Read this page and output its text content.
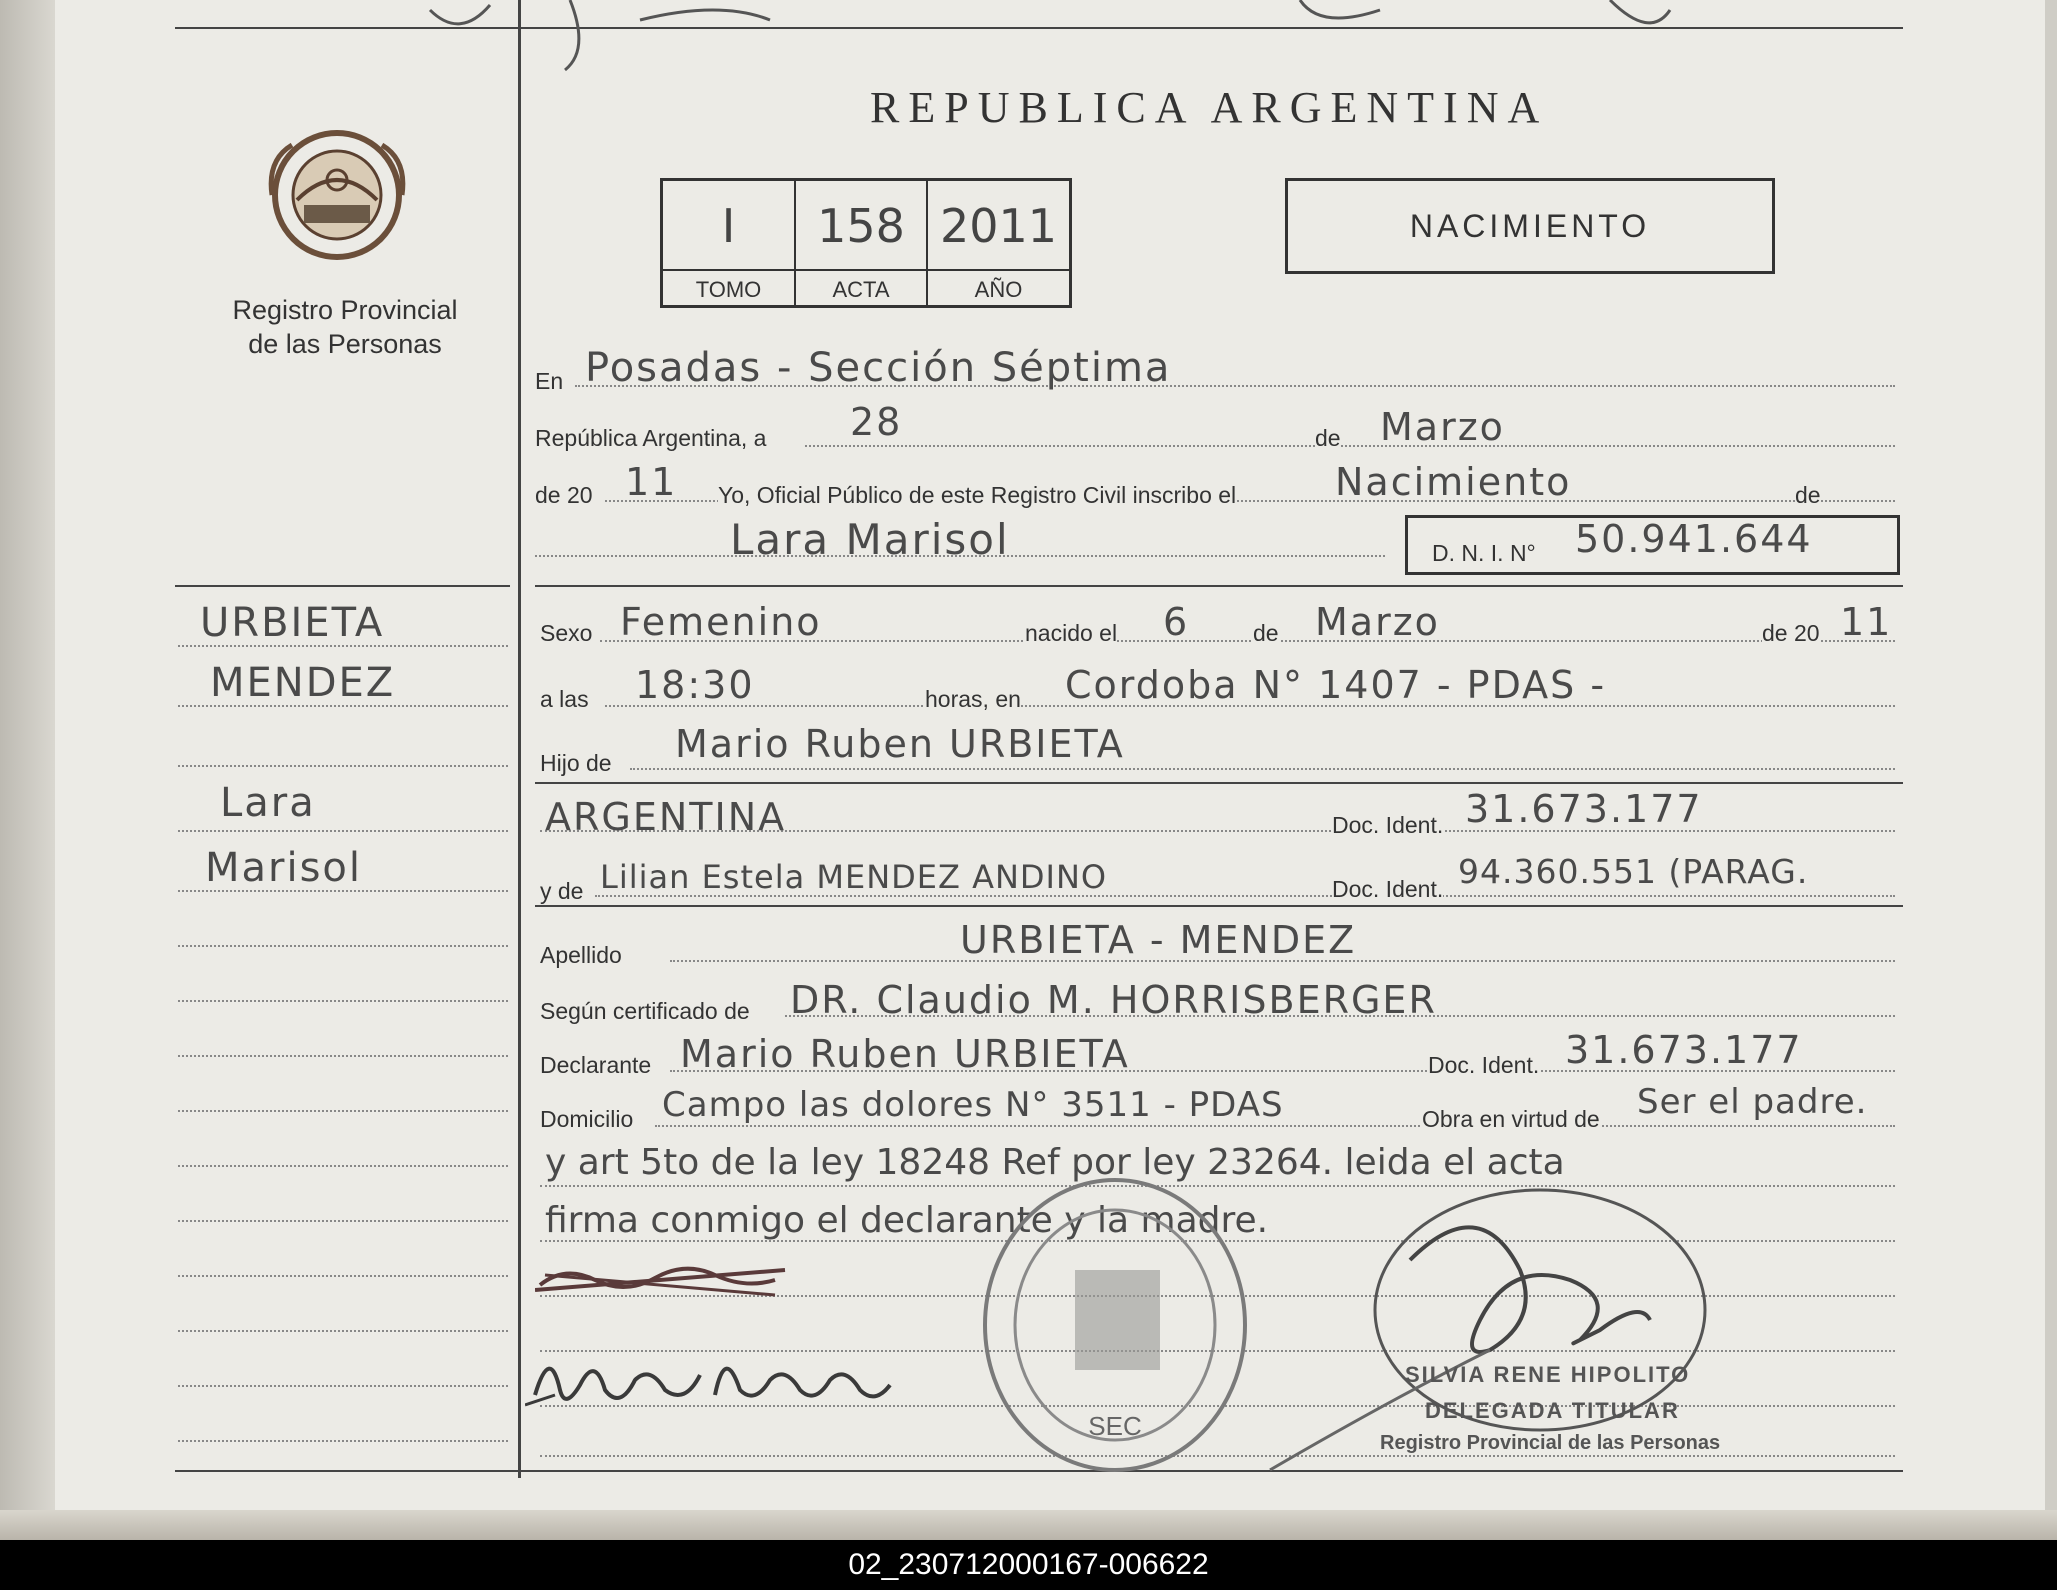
REPUBLICA ARGENTINA
Registro Provincial
de las Personas
I	158 2011
TOMO	ACTA	AÑO
NACIMIENTO
En Posadas - Sección Séptima
República Argentina, a 28	de Marzo
de 20 11 Yo, Oficial Público de este Registro Civil inscribo el	Nacimiento	de
Lara Marisol	D. N. I. N° 50.941.644
Sexo Femenino	nacido el 6	de Marzo	de 20 11
a las 18:30	horas, en Cordoba N° 1407 - PDAS -
Hijo de Mario Ruben URBIETA
ARGENTINA	Doc. Ident. 31.673.177
y de Lilian Estela MENDEZ ANDINO	Doc. Ident. 94.360.551 (PARAG.
Apellido	URBIETA - MENDEZ
Según certificado de DR. Claudio M. HORRISBERGER
Declarante Mario Ruben URBIETA	Doc. Ident. 31.673.177
Domicilio Campo las dolores N° 3511 - PDAS	Obra en virtud de Ser el padre.
y art 5to de la ley 18248 Ref por ley 23264. leida el acta
firma conmigo el declarante y la madre.
URBIETA
MENDEZ
Lara
Marisol
SEC
SILVIA RENE HIPOLITO
DELEGADA TITULAR
Registro Provincial de las Personas
02_230712000167-006622
